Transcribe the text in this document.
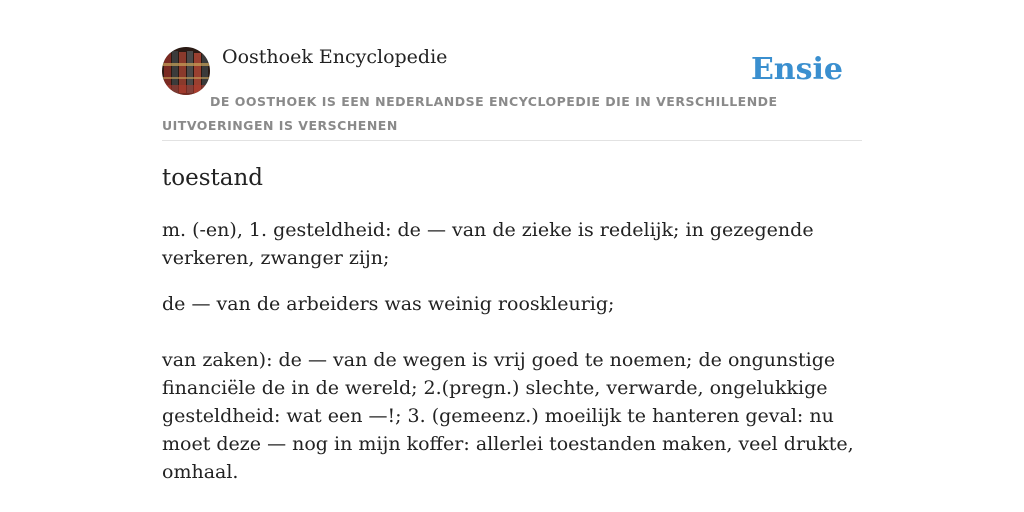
Oosthoek Encyclopedie	Ensie
DE OOSTHOEK IS EEN NEDERLANDSE ENCYCLOPEDIE DIE IN VERSCHILLENDE UITVOERINGEN IS VERSCHENEN
toestand

m. (-en), 1. gesteldheid: de — van de zieke is redelijk; in gezegende verkeren, zwanger zijn;

de — van de arbeiders was weinig rooskleurig;

van zaken): de — van de wegen is vrij goed te noemen; de ongunstige financiële de in de wereld; 2.(pregn.) slechte, verwarde, ongelukkige gesteldheid: wat een —!; 3. (gemeenz.) moeilijk te hanteren geval: nu moet deze — nog in mijn koffer: allerlei toestanden maken, veel drukte, omhaal.
